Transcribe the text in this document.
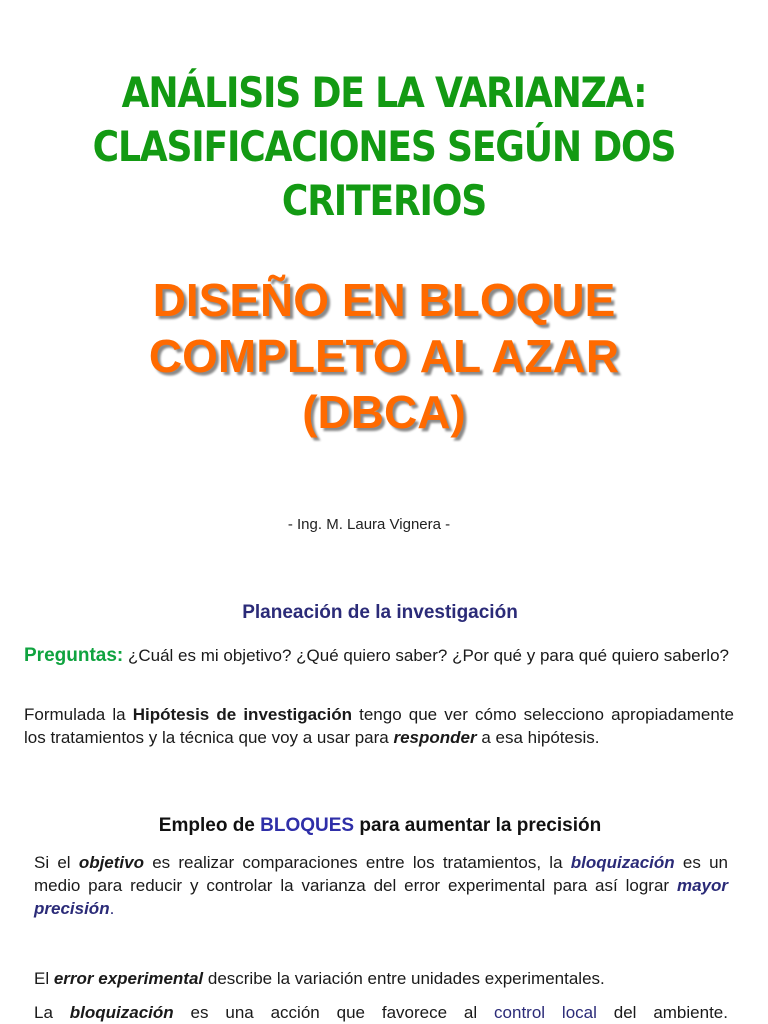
ANÁLISIS DE LA VARIANZA:
CLASIFICACIONES SEGÚN DOS
CRITERIOS
DISEÑO EN BLOQUE
COMPLETO AL AZAR
(DBCA)
- Ing. M. Laura Vignera -
Planeación de la investigación
Preguntas: ¿Cuál es mi objetivo? ¿Qué quiero saber? ¿Por qué y para qué quiero saberlo?
Formulada la Hipótesis de investigación tengo que ver cómo selecciono apropiadamente los tratamientos y la técnica que voy a usar para responder a esa hipótesis.
Empleo de BLOQUES para aumentar la precisión
Si el objetivo es realizar comparaciones entre los tratamientos, la bloquización es un medio para reducir y controlar la varianza del error experimental para así lograr mayor precisión.
El error experimental describe la variación entre unidades experimentales.
La bloquización es una acción que favorece al control local del ambiente.
